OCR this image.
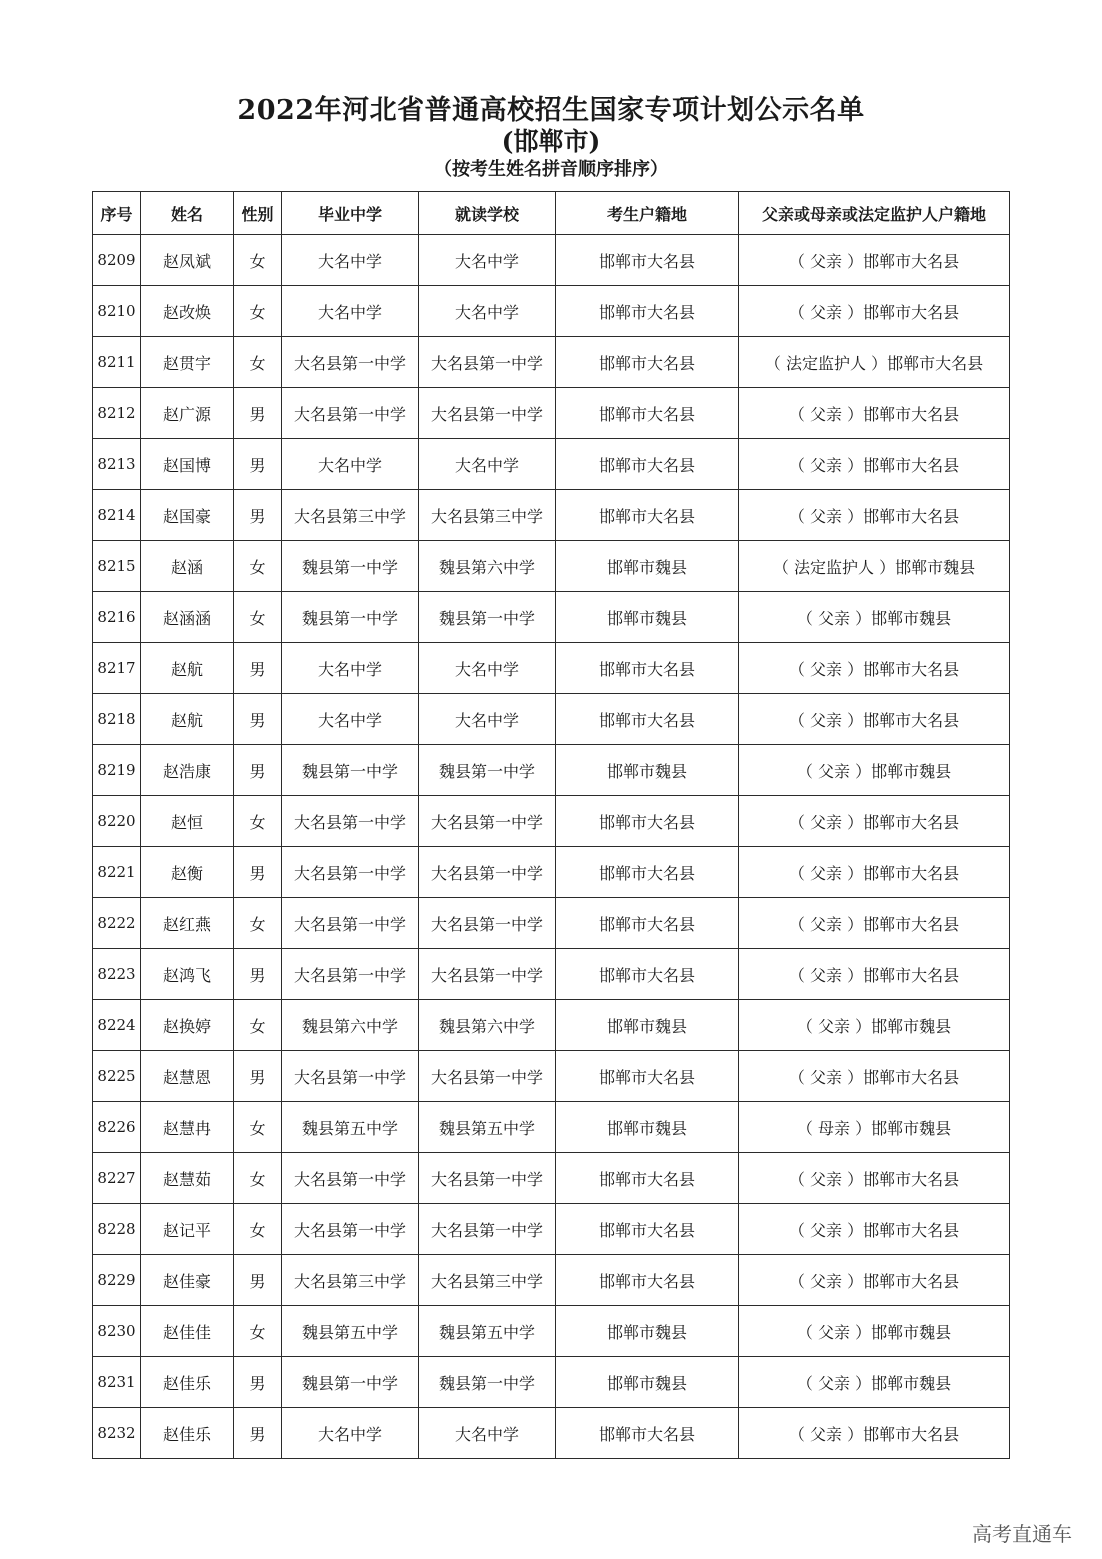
2022年河北省普通高校招生国家专项计划公示名单
(邯郸市)
（按考生姓名拼音顺序排序）
序号	姓名	性别	毕业中学	就读学校	考生户籍地	父亲或母亲或法定监护人户籍地
8209	赵凤斌	女	大名中学	大名中学	邯郸市大名县	（ 父亲 ）邯郸市大名县
8210	赵改焕	女	大名中学	大名中学	邯郸市大名县	（ 父亲 ）邯郸市大名县
8211	赵贯宇	女	大名县第一中学	大名县第一中学	邯郸市大名县	（ 法定监护人 ）邯郸市大名县
8212	赵广源	男	大名县第一中学	大名县第一中学	邯郸市大名县	（ 父亲 ）邯郸市大名县
8213	赵国博	男	大名中学	大名中学	邯郸市大名县	（ 父亲 ）邯郸市大名县
8214	赵国豪	男	大名县第三中学	大名县第三中学	邯郸市大名县	（ 父亲 ）邯郸市大名县
8215	赵涵	女	魏县第一中学	魏县第六中学	邯郸市魏县	（ 法定监护人 ）邯郸市魏县
8216	赵涵涵	女	魏县第一中学	魏县第一中学	邯郸市魏县	（ 父亲 ）邯郸市魏县
8217	赵航	男	大名中学	大名中学	邯郸市大名县	（ 父亲 ）邯郸市大名县
8218	赵航	男	大名中学	大名中学	邯郸市大名县	（ 父亲 ）邯郸市大名县
8219	赵浩康	男	魏县第一中学	魏县第一中学	邯郸市魏县	（ 父亲 ）邯郸市魏县
8220	赵恒	女	大名县第一中学	大名县第一中学	邯郸市大名县	（ 父亲 ）邯郸市大名县
8221	赵衡	男	大名县第一中学	大名县第一中学	邯郸市大名县	（ 父亲 ）邯郸市大名县
8222	赵红燕	女	大名县第一中学	大名县第一中学	邯郸市大名县	（ 父亲 ）邯郸市大名县
8223	赵鸿飞	男	大名县第一中学	大名县第一中学	邯郸市大名县	（ 父亲 ）邯郸市大名县
8224	赵换婷	女	魏县第六中学	魏县第六中学	邯郸市魏县	（ 父亲 ）邯郸市魏县
8225	赵慧恩	男	大名县第一中学	大名县第一中学	邯郸市大名县	（ 父亲 ）邯郸市大名县
8226	赵慧冉	女	魏县第五中学	魏县第五中学	邯郸市魏县	（ 母亲 ）邯郸市魏县
8227	赵慧茹	女	大名县第一中学	大名县第一中学	邯郸市大名县	（ 父亲 ）邯郸市大名县
8228	赵记平	女	大名县第一中学	大名县第一中学	邯郸市大名县	（ 父亲 ）邯郸市大名县
8229	赵佳豪	男	大名县第三中学	大名县第三中学	邯郸市大名县	（ 父亲 ）邯郸市大名县
8230	赵佳佳	女	魏县第五中学	魏县第五中学	邯郸市魏县	（ 父亲 ）邯郸市魏县
8231	赵佳乐	男	魏县第一中学	魏县第一中学	邯郸市魏县	（ 父亲 ）邯郸市魏县
8232	赵佳乐	男	大名中学	大名中学	邯郸市大名县	（ 父亲 ）邯郸市大名县
高考直通车
